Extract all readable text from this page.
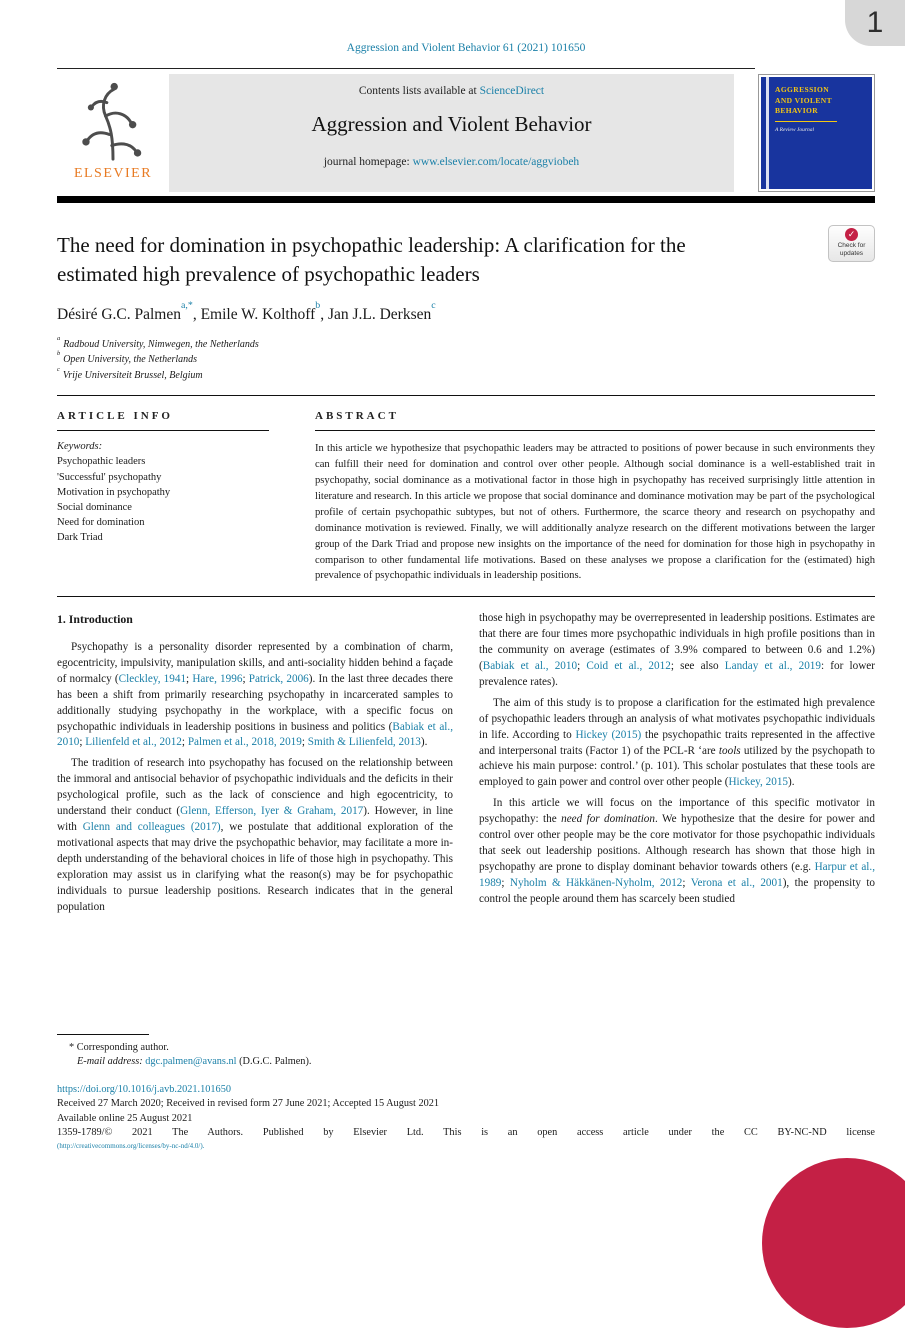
Aggression and Violent Behavior 61 (2021) 101650
ELSEVIER
Contents lists available at ScienceDirect
Aggression and Violent Behavior
journal homepage: www.elsevier.com/locate/aggviobeh
AGGRESSION AND VIOLENT BEHAVIOR
A Review Journal
The need for domination in psychopathic leadership: A clarification for the estimated high prevalence of psychopathic leaders
✓
Check for updates
Désiré G.C. Palmen$^{a,*}$, Emile W. Kolthoff$^b$, Jan J.L. Derksen$^c$
$^a$Radboud University, Nimwegen, the Netherlands
$^b$Open University, the Netherlands
$^c$Vrije Universiteit Brussel, Belgium
ARTICLE INFO
Keywords:
Psychopathic leaders
'Successful' psychopathy
Motivation in psychopathy
Social dominance
Need for domination
Dark Triad
ABSTRACT
In this article we hypothesize that psychopathic leaders may be attracted to positions of power because in such environments they can fulfill their need for domination and control over other people. Although social dominance is a well-established trait in psychopathy, social dominance as a motivational factor in those high in psychopathy has received surprisingly little attention in literature and research. In this article we propose that social dominance and dominance motivation may be part of the psychological profile of certain psychopathic subtypes, but not of others. Furthermore, the scarce theory and research on psychopathy and dominance motivation is reviewed. Finally, we will additionally analyze research on the different motivations between the larger group of the Dark Triad and propose new insights on the importance of the need for domination for those high in psychopathy in comparison to other fundamental life motivations. Based on these analyses we propose a clarification for the (estimated) high prevalence of psychopathic individuals in leadership positions.
1. Introduction

Psychopathy is a personality disorder represented by a combination of charm, egocentricity, impulsivity, manipulation skills, and anti-sociality hidden behind a façade of normalcy (Cleckley, 1941; Hare, 1996; Patrick, 2006). In the last three decades there has been a shift from primarily researching psychopathy in incarcerated samples to additionally studying psychopathy in the workplace, with a specific focus on psychopathic individuals in leadership positions in business and politics (Babiak et al., 2010; Lilienfeld et al., 2012; Palmen et al., 2018, 2019; Smith & Lilienfeld, 2013).

The tradition of research into psychopathy has focused on the relationship between the immoral and antisocial behavior of psychopathic individuals and the deficits in their psychological profile, such as the lack of conscience and high egocentricity, to understand their conduct (Glenn, Efferson, Iyer & Graham, 2017). However, in line with Glenn and colleagues (2017), we postulate that additional exploration of the motivational aspects that may drive the psychopathic behavior, may facilitate a more in-depth understanding of the behavioral choices in life of those high in psychopathy. This exploration may assist us in clarifying what the reason(s) may be for psychopathic individuals to pursue leadership positions. Research indicates that in the general population

those high in psychopathy may be overrepresented in leadership positions. Estimates are that there are four times more psychopathic individuals in high profile positions than in the community on average (estimates of 3.9% compared to between 0.6 and 1.2%) (Babiak et al., 2010; Coid et al., 2012; see also Landay et al., 2019: for lower prevalence rates).

The aim of this study is to propose a clarification for the estimated high prevalence of psychopathic leaders through an analysis of what motivates psychopathic individuals in life. According to Hickey (2015) the psychopathic traits represented in the affective and interpersonal traits (Factor 1) of the PCL-R ‘are tools utilized by the psychopath to achieve his main purpose: control.’ (p. 101). This scholar postulates that these tools are employed to gain power and control over other people (Hickey, 2015).

In this article we will focus on the importance of this specific motivator in psychopathy: the need for domination. We hypothesize that the desire for power and control over other people may be the core motivator for those psychopathic individuals that seek out leadership positions. Although research has shown that those high in psychopathy are prone to display dominant behavior towards others (e.g. Harpur et al., 1989; Nyholm & Häkkänen-Nyholm, 2012; Verona et al., 2001), the propensity to control the people around them has scarcely been studied

* Corresponding author.
E-mail address: dgc.palmen@avans.nl (D.G.C. Palmen).
https://doi.org/10.1016/j.avb.2021.101650
Received 27 March 2020; Received in revised form 27 June 2021; Accepted 15 August 2021
Available online 25 August 2021
1359-1789/© 2021 The Authors. Published by Elsevier Ltd. This is an open access article under the CC BY-NC-ND license
(http://creativecommons.org/licenses/by-nc-nd/4.0/).
1
